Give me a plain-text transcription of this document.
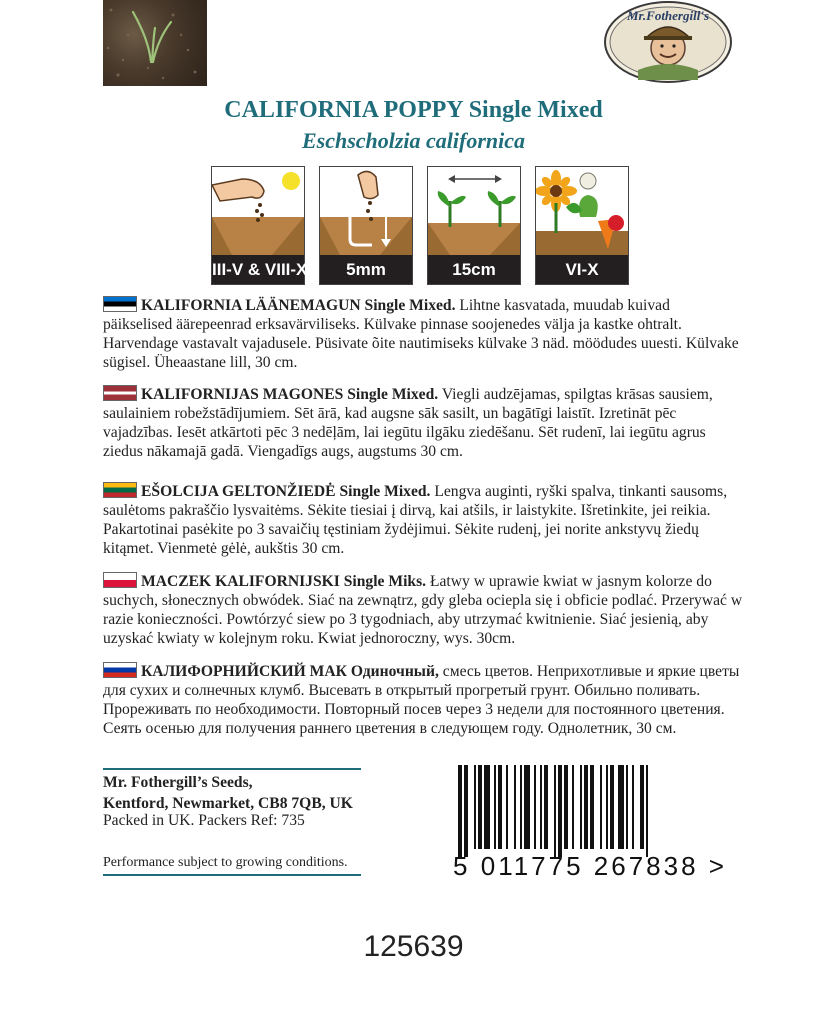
Mr.Fothergill's
CALIFORNIA POPPY Single Mixed
Eschscholzia californica
III-V & VIII-X	5mm	15cm	VI-X
KALIFORNIA LÄÄNEMAGUN Single Mixed. Lihtne kasvatada, muudab kuivad päikselised äärepeenrad erksavärviliseks. Külvake pinnase soojenedes välja ja kastke ohtralt. Harvendage vastavalt vajadusele. Püsivate õite nautimiseks külvake 3 näd. möödudes uuesti. Külvake sügisel. Üheaastane lill, 30 cm.
KALIFORNIJAS MAGONES Single Mixed. Viegli audzējamas, spilgtas krāsas sausiem, saulainiem robežstādījumiem. Sēt ārā, kad augsne sāk sasilt, un bagātīgi laistīt. Izretināt pēc vajadzības. Iesēt atkārtoti pēc 3 nedēļām, lai iegūtu ilgāku ziedēšanu. Sēt rudenī, lai iegūtu agrus ziedus nākamajā gadā. Viengadīgs augs, augstums 30 cm.
EŠOLCIJA GELTONŽIEDĖ Single Mixed. Lengva auginti, ryški spalva, tinkanti sausoms, saulėtoms pakraščio lysvaitėms. Sėkite tiesiai į dirvą, kai atšils, ir laistykite. Išretinkite, jei reikia. Pakartotinai pasėkite po 3 savaičių tęstiniam žydėjimui. Sėkite rudenį, jei norite ankstyvų žiedų kitąmet. Vienmetė gėlė, aukštis 30 cm.
MACZEK KALIFORNIJSKI Single Miks. Łatwy w uprawie kwiat w jasnym kolorze do suchych, słonecznych obwódek. Siać na zewnątrz, gdy gleba ociepla się i obficie podlać. Przerywać w razie konieczności. Powtórzyć siew po 3 tygodniach, aby utrzymać kwitnienie. Siać jesienią, aby uzyskać kwiaty w kolejnym roku. Kwiat jednoroczny, wys. 30cm.
КАЛИФОРНИЙСКИЙ МАК Одиночный, смесь цветов. Неприхотливые и яркие цветы для сухих и солнечных клумб. Высевать в открытый прогретый грунт. Обильно поливать. Прореживать по необходимости. Повторный посев через 3 недели для постоянного цветения. Сеять осенью для получения раннего цветения в следующем году. Однолетник, 30 см.
Mr. Fothergill’s Seeds,
Kentford, Newmarket, CB8 7QB, UK
Packed in UK. Packers Ref: 735
Performance subject to growing conditions.	5 011775 267838 >
125639
